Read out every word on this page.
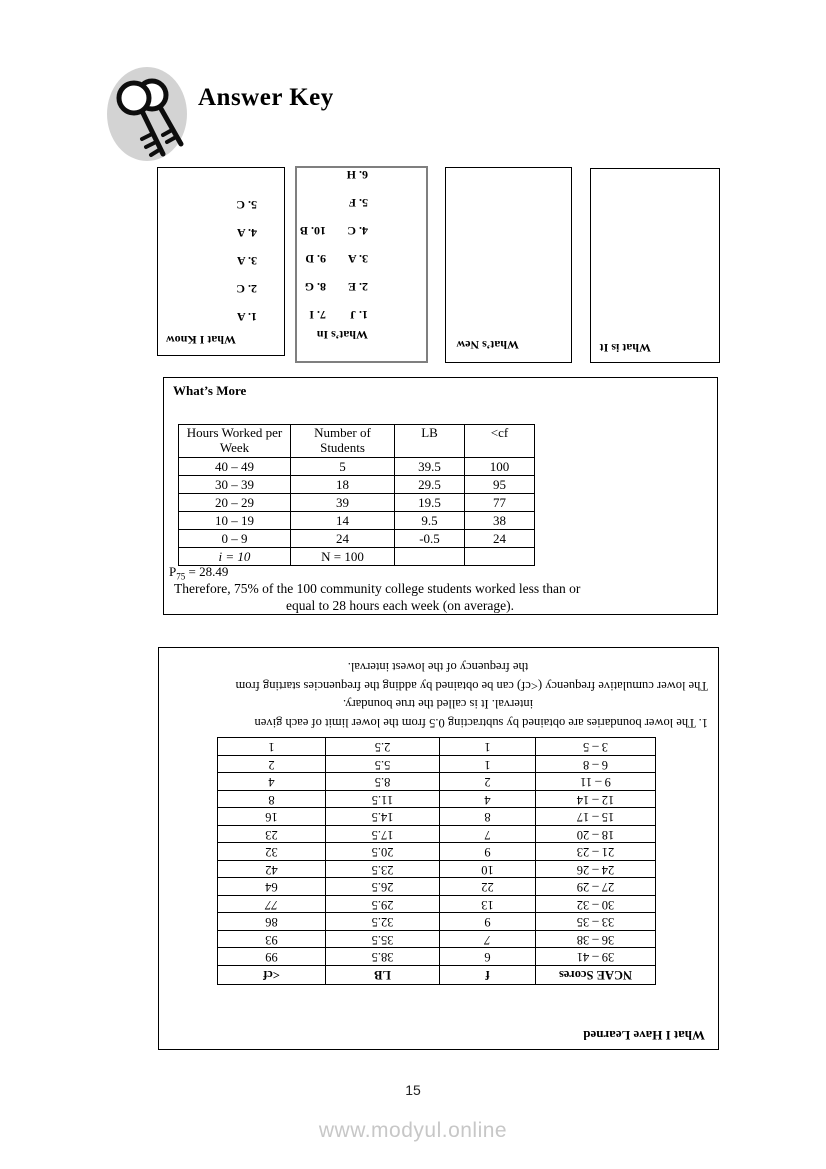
Answer Key
What I Know
1. A
2. C
3. A
4. A
5. C
What’s In
1. J
2. E
3. A
4. C
5. F
6. H
7. I
8. G
9. D
10. B
What’s New	What is It
What’s More
Hours Worked per Week	Number of Students	LB	<cf
40 – 49	5	39.5	100
30 – 39	18	29.5	95
20 – 29	39	19.5	77
10 – 19	14	9.5	38
0 – 9	24	-0.5	24
i = 10	N = 100		
$P_{75} = 28.49$
Therefore, 75% of the 100 community college students worked less than or
equal to 28 hours each week (on average).
What I Have Learned
NCAE Scores	f	LB	<cf
39 – 41	6	38.5	99
36 – 38	7	35.5	93
33 – 35	9	32.5	86
30 – 32	13	29.5	77
27 – 29	22	26.5	64
24 – 26	10	23.5	42
21 – 23	9	20.5	32
18 – 20	7	17.5	23
15 – 17	8	14.5	16
12 – 14	4	11.5	8
9 – 11	2	8.5	4
6 – 8	1	5.5	2
3 – 5	1	2.5	1
1. The lower boundaries are obtained by subtracting 0.5 from the lower limit of each given
interval. It is called the true boundary.
The lower cumulative frequency (<cf) can be obtained by adding the frequencies starting from
the frequency of the lowest interval.
15
www.modyul.online
